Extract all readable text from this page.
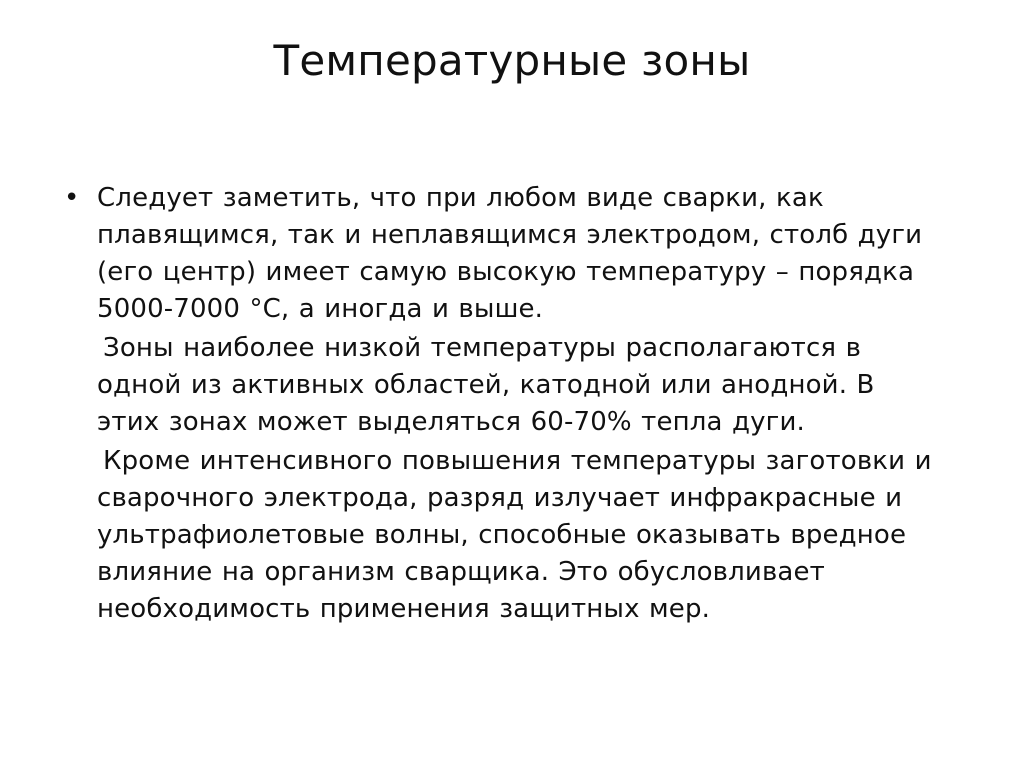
Температурные зоны
• Следует заметить, что при любом виде сварки, как плавящимся, так и неплавящимся электродом, столб дуги (его центр) имеет самую высокую температуру – порядка 5000-7000 °С, а иногда и выше.

Зоны наиболее низкой температуры располагаются в одной из активных областей, катодной или анодной. В этих зонах может выделяться 60-70% тепла дуги.

Кроме интенсивного повышения температуры заготовки и сварочного электрода, разряд излучает инфракрасные и ультрафиолетовые волны, способные оказывать вредное влияние на организм сварщика. Это обусловливает необходимость применения защитных мер.
